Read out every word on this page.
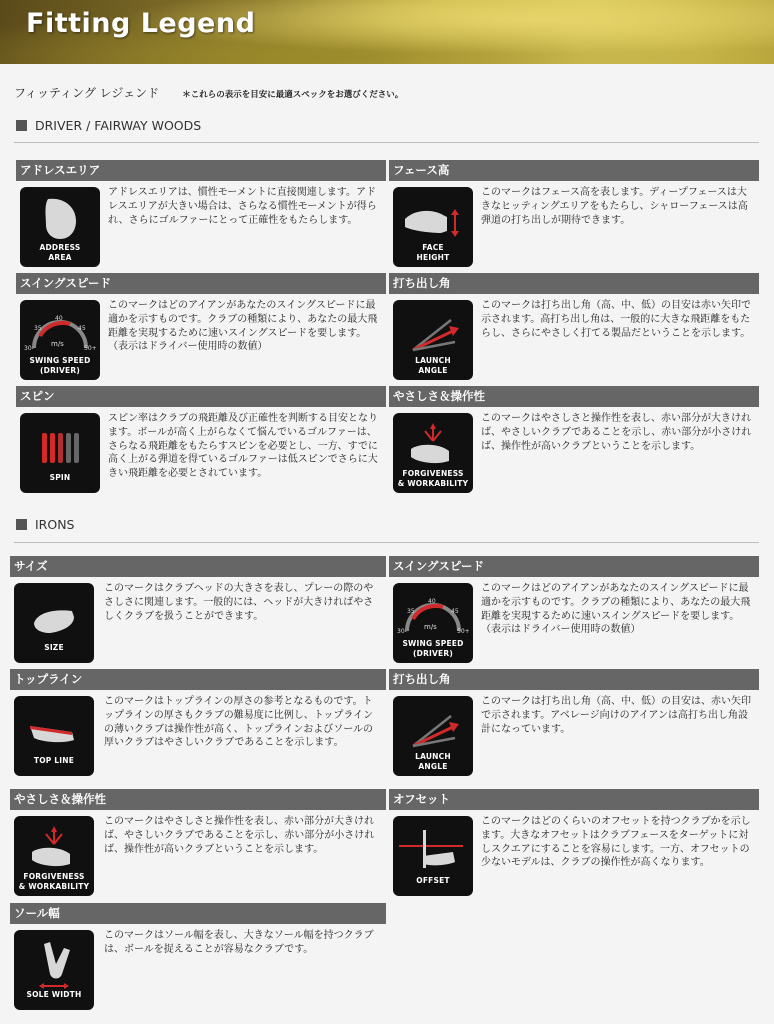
Fitting Legend
フィッティング レジェンド	＊これらの表示を目安に最適スペックをお選びください。
DRIVER / FAIRWAY WOODS
アドレスエリア
ADDRESS
AREA
アドレスエリアは、慣性モーメントに直接関連します。アドレスエリアが大きい場合は、さらなる慣性モーメントが得られ、さらにゴルファーにとって正確性をもたらします。
フェース高
FACE
HEIGHT
このマークはフェース高を表します。ディープフェースは大きなヒッティングエリアをもたらし、シャローフェースは高弾道の打ち出しが期待できます。
スイングスピード
30-
35
40
45
50+
m/s
SWING SPEED
(DRIVER)
このマークはどのアイアンがあなたのスイングスピードに最適かを示すものです。クラブの種類により、あなたの最大飛距離を実現するために速いスイングスピードを要します。（表示はドライバー使用時の数値）
打ち出し角
LAUNCH
ANGLE
このマークは打ち出し角（高、中、低）の目安は赤い矢印で示されます。高打ち出し角は、一般的に大きな飛距離をもたらし、さらにやさしく打てる製品だということを示します。
スピン
SPIN
スピン率はクラブの飛距離及び正確性を判断する目安となります。ボールが高く上がらなくて悩んでいるゴルファーは、さらなる飛距離をもたらすスピンを必要とし、一方、すでに高く上がる弾道を得ているゴルファーは低スピンでさらに大きい飛距離を必要とされています。
やさしさ＆操作性
FORGIVENESS
& WORKABILITY
このマークはやさしさと操作性を表し、赤い部分が大きければ、やさしいクラブであることを示し、赤い部分が小さければ、操作性が高いクラブということを示します。
IRONS
サイズ
SIZE
このマークはクラブヘッドの大きさを表し、プレーの際のやさしさに関連します。一般的には、ヘッドが大きければやさしくクラブを扱うことができます。
スイングスピード
30-
35
40
45
50+
m/s
SWING SPEED
(DRIVER)
このマークはどのアイアンがあなたのスイングスピードに最適かを示すものです。クラブの種類により、あなたの最大飛距離を実現するために速いスイングスピードを要します。（表示はドライバー使用時の数値）
トップライン
TOP LINE
このマークはトップラインの厚さの参考となるものです。トップラインの厚さもクラブの難易度に比例し、トップラインの薄いクラブは操作性が高く、トップラインおよびソールの厚いクラブはやさしいクラブであることを示します。
打ち出し角
LAUNCH
ANGLE
このマークは打ち出し角（高、中、低）の目安は、赤い矢印で示されます。アベレージ向けのアイアンは高打ち出し角設計になっています。
やさしさ＆操作性
FORGIVENESS
& WORKABILITY
このマークはやさしさと操作性を表し、赤い部分が大きければ、やさしいクラブであることを示し、赤い部分が小さければ、操作性が高いクラブということを示します。
オフセット
OFFSET
このマークはどのくらいのオフセットを持つクラブかを示します。大きなオフセットはクラブフェースをターゲットに対しスクエアにすることを容易にします。一方、オフセットの少ないモデルは、クラブの操作性が高くなります。
ソール幅
SOLE WIDTH
このマークはソール幅を表し、大きなソール幅を持つクラブは、ボールを捉えることが容易なクラブです。
